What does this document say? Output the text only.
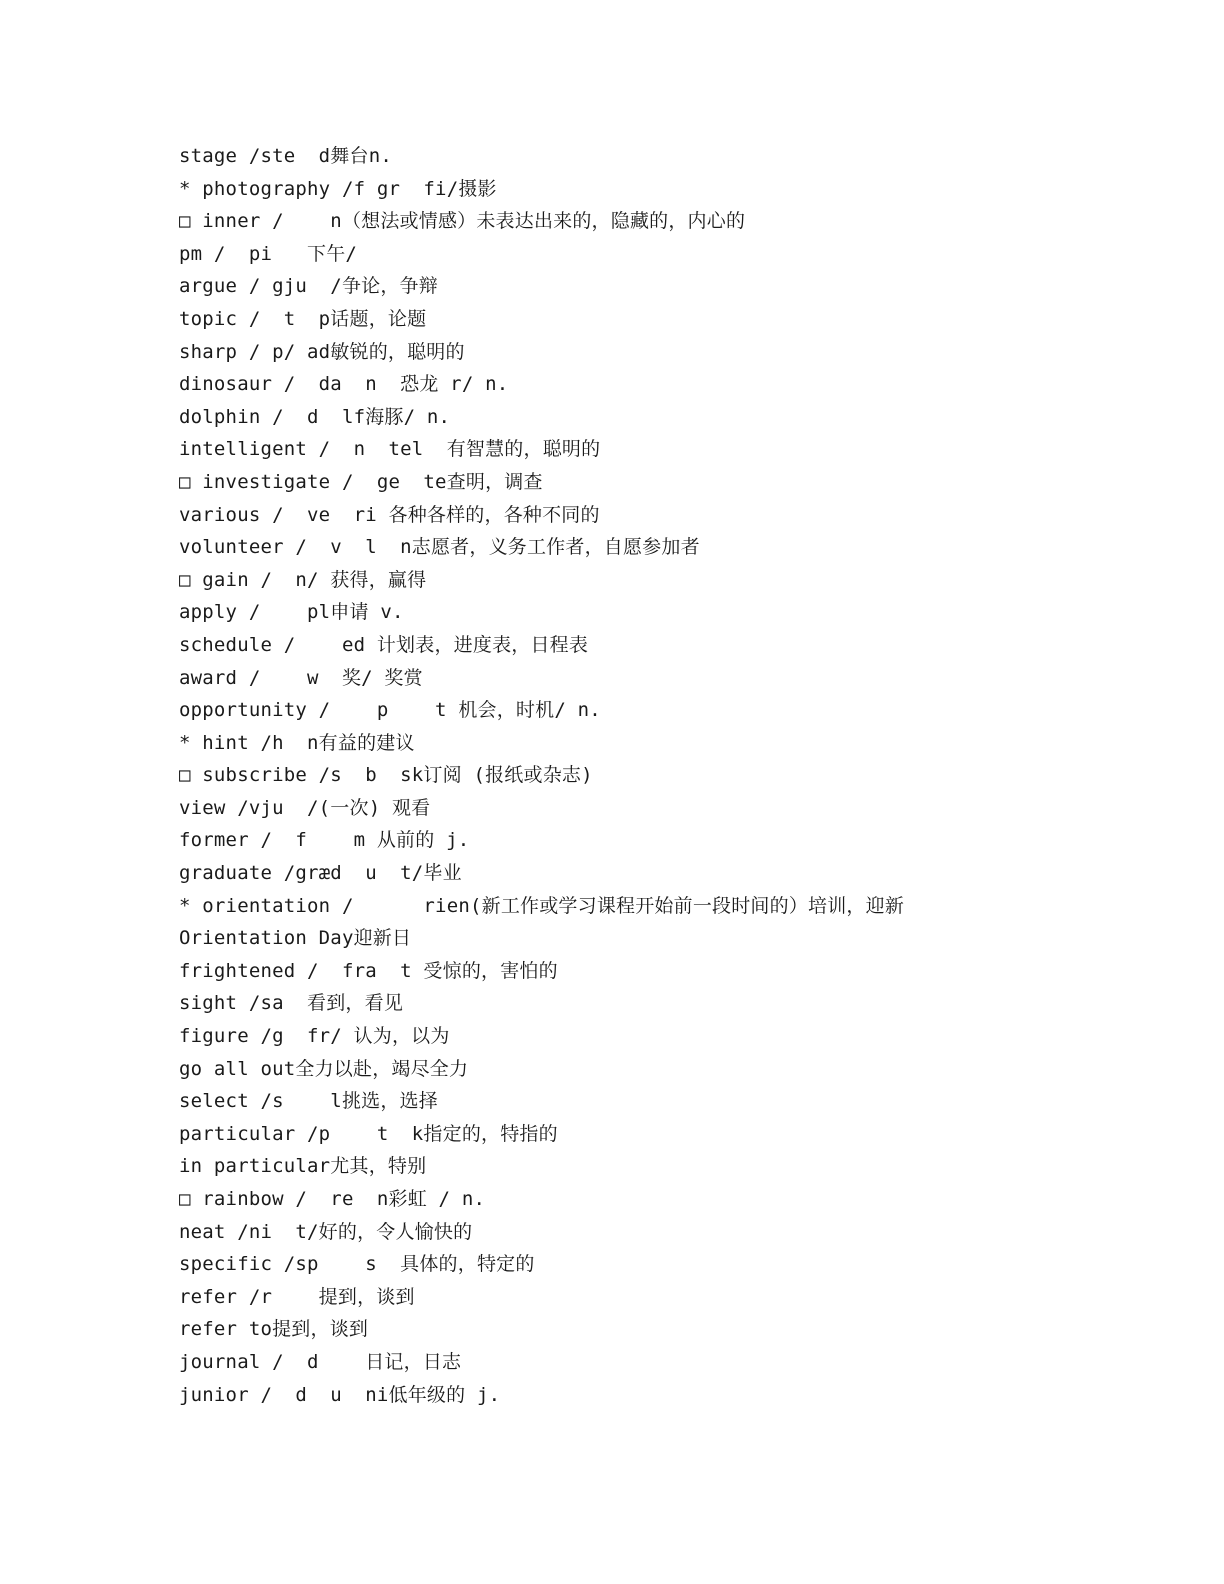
stage /ste  d舞台n.
* photography /f gr  fi/摄影
□ inner /    n（想法或情感）未表达出来的，隐藏的，内心的
pm /  pi   下午/
argue / gju  /争论，争辩
topic /  t  p话题，论题
sharp / p/ ad敏锐的，聪明的
dinosaur /  da  n  恐龙 r/ n.
dolphin /  d  lf海豚/ n.
intelligent /  n  tel  有智慧的，聪明的
□ investigate /  ge  te查明，调查
various /  ve  ri 各种各样的，各种不同的
volunteer /  v  l  n志愿者，义务工作者，自愿参加者
□ gain /  n/ 获得，赢得
apply /    pl申请 v.
schedule /    ed 计划表，进度表，日程表
award /    w  奖/ 奖赏
opportunity /    p    t 机会，时机/ n.
* hint /h  n有益的建议
□ subscribe /s  b  sk订阅 (报纸或杂志)
view /vju  /(一次) 观看
former /  f    m 从前的 j.
graduate /græd  u  t/毕业
* orientation /      rien(新工作或学习课程开始前一段时间的）培训，迎新
Orientation Day迎新日
frightened /  fra  t 受惊的，害怕的
sight /sa  看到，看见
figure /g  fr/ 认为，以为
go all out全力以赴，竭尽全力
select /s    l挑选，选择
particular /p    t  k指定的，特指的
in particular尤其，特别
□ rainbow /  re  n彩虹 / n.
neat /ni  t/好的，令人愉快的
specific /sp    s  具体的，特定的
refer /r    提到，谈到
refer to提到，谈到
journal /  d    日记，日志
junior /  d  u  ni低年级的 j.
